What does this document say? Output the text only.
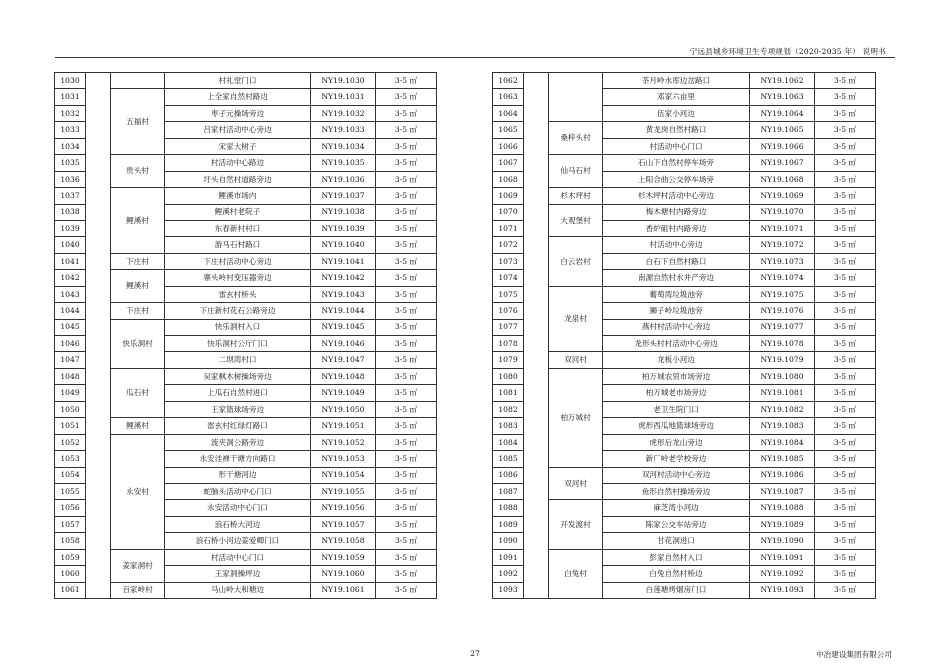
宁远县城乡环境卫生专项规划（2020-2035 年） 说明书
1030			村礼堂门口	NY19.1030	3-5 ㎡
1031		五福村	上全家自然村路边	NY19.1031	3-5 ㎡
1032			枣子元操场旁边	NY19.1032	3-5 ㎡
1033			吕家村活动中心旁边	NY19.1033	3-5 ㎡
1034			宋家大树子	NY19.1034	3-5 ㎡
1035		贵头村	村活动中心路边	NY19.1035	3-5 ㎡
1036			圩头自然村道路旁边	NY19.1036	3-5 ㎡
1037		鲤溪村	鲤溪市场内	NY19.1037	3-5 ㎡
1038			鲤溪村老院子	NY19.1038	3-5 ㎡
1039			东春新村村口	NY19.1039	3-5 ㎡
1040			游马石村路口	NY19.1040	3-5 ㎡
1041		下庄村	下庄村活动中心旁边	NY19.1041	3-5 ㎡
1042		鲤溪村	寨头岭村变压器旁边	NY19.1042	3-5 ㎡
1043			雷玄村桥头	NY19.1043	3-5 ㎡
1044		下庄村	下庄新村花石公路旁边	NY19.1044	3-5 ㎡
1045		快乐洞村	快乐洞村入口	NY19.1045	3-5 ㎡
1046			快乐洞村公厅门口	NY19.1046	3-5 ㎡
1047			二坝湾村口	NY19.1047	3-5 ㎡
1048		瓜石村	吴家枫木树操场旁边	NY19.1048	3-5 ㎡
1049			上瓜石自然村进口	NY19.1049	3-5 ㎡
1050			王家篮球场旁边	NY19.1050	3-5 ㎡
1051		鲤溪村	雷玄村红绿灯路口	NY19.1051	3-5 ㎡
1052		永安村	流夹洞公路旁边	NY19.1052	3-5 ㎡
1053			永安洼禅干塘方向路口	NY19.1053	3-5 ㎡
1054			形干塘河边	NY19.1054	3-5 ㎡
1055			蛇脑头活动中心门口	NY19.1055	3-5 ㎡
1056			永安活动中心门口	NY19.1056	3-5 ㎡
1057			浪石桥大河边	NY19.1057	3-5 ㎡
1058			浪石桥小河边姜爱卿门口	NY19.1058	3-5 ㎡
1059		姜家洞村	村活动中心门口	NY19.1059	3-5 ㎡
1060			王家洞操坪边	NY19.1060	3-5 ㎡
1061		百家岭村	马山岭大和塘边	NY19.1061	3-5 ㎡
1062			茶月岭水库边岔路口	NY19.1062	3-5 ㎡
1063			邓家六亩里	NY19.1063	3-5 ㎡
1064			伍家小河边	NY19.1064	3-5 ㎡
1065		桑梓头村	黄龙岗自然村路口	NY19.1065	3-5 ㎡
1066			村活动中心门口	NY19.1066	3-5 ㎡
1067		仙马石村	石山下自然村停车场旁	NY19.1067	3-5 ㎡
1068			上阳合曲公交停车场旁	NY19.1068	3-5 ㎡
1069		杉木坪村	杉木坪村活动中心旁边	NY19.1069	3-5 ㎡
1070		大观堡村	梅木塘村内路旁边	NY19.1070	3-5 ㎡
1071			香炉砠村内路旁边	NY19.1071	3-5 ㎡
1072		白云岩村	村活动中心旁边	NY19.1072	3-5 ㎡
1073			白石下自然村路口	NY19.1073	3-5 ㎡
1074			南源自然村水井产旁边	NY19.1074	3-5 ㎡
1075		龙泉村	葡萄湾垃圾池旁	NY19.1075	3-5 ㎡
1076			狮子岭垃圾池旁	NY19.1076	3-5 ㎡
1077			燕村村活动中心旁边	NY19.1077	3-5 ㎡
1078			龙形头村村活动中心旁边	NY19.1078	3-5 ㎡
1079		双河村	龙板小河边	NY19.1079	3-5 ㎡
1080		柏万城村	柏万城农贸市场旁边	NY19.1080	3-5 ㎡
1081			柏万城老市场旁边	NY19.1081	3-5 ㎡
1082			老卫生院门口	NY19.1082	3-5 ㎡
1083			虎形西瓜地篮球场旁边	NY19.1083	3-5 ㎡
1084			虎形后龙山旁边	NY19.1084	3-5 ㎡
1085			新厂岭老学校旁边	NY19.1085	3-5 ㎡
1086		双河村	双河村活动中心旁边	NY19.1086	3-5 ㎡
1087			鱼形自然村操场旁边	NY19.1087	3-5 ㎡
1088		开发渡村	麻芝湾小河边	NY19.1088	3-5 ㎡
1089			陈家公交车站旁边	NY19.1089	3-5 ㎡
1090			甘花洞进口	NY19.1090	3-5 ㎡
1091		白兔村	彭家自然村入口	NY19.1091	3-5 ㎡
1092			白兔自然村桥边	NY19.1092	3-5 ㎡
1093			白莲塘烤烟房门口	NY19.1093	3-5 ㎡
27	中冶建设集团有限公司
